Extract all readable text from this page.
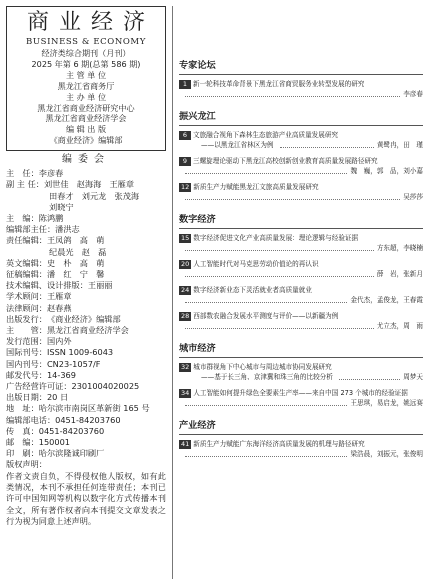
商业经济
BUSINESS & ECONOMY
经济类综合期刊（月刊）
2025 年第 6 期(总第 586 期)
主 管 单 位
黑龙江省商务厅
主 办 单 位
黑龙江省商业经济研究中心
黑龙江省商业经济学会
编 辑 出 版
《商业经济》编辑部
编委会
主　任： 李彦春
副 主 任： 刘世佳　赵海海　王雁章
田春才　刘元龙　张茂海
刘晓宁
主　编： 陈鸿鹏
编辑部主任： 潘洪志
责任编辑： 王凤鸽　高　萌
纪晨光　赵　磊
英文编辑： 史　朴　高　萌
征稿编辑： 潘　红　宁　馨
技术编辑、设计排版： 王丽丽
学术顾问： 王雁章
法律顾问： 赵春燕
出版发行： 《商业经济》编辑部
主　　管： 黑龙江省商业经济学会
发行范围： 国内外
国际刊号： ISSN 1009-6043
国内刊号： CN23-1057/F
邮发代号： 14-369
广告经营许可证： 2301004020025
出版日期： 20 日
地　址： 哈尔滨市南岗区革新街 165 号
编辑部电话： 0451-84203760
传　真： 0451-84203760
邮　编： 150001
印　刷： 哈尔滨隆诚印刷厂
版权声明：
作者文责自负，不得侵权他人版权，如有此类情况，本刊不承担任何连带责任；本刊已许可中国知网等机构以数字化方式传播本刊全文，所有著作权者向本刊提交文章发表之行为视为同意上述声明。
专家论坛
1 新一轮科技革命背景下黑龙江省商贸服务业转型发展的研究
李彦春
振兴龙江
6 文旅融合视角下森林生态旅游产业高质量发展研究
——以黑龙江省林区为例	黄鹭冉，田　瑾
9 三螺旋理论驱动下黑龙江高校创新创业教育高质量发展路径研究
魏　巍，郭　品，刘小嘉
12 新质生产力赋能黑龙江文旅高质量发展研究
吴莎莎
数字经济
15 数字经济促进文化产业高质量发展：理论逻辑与经验证据
方东超，李晓楠
20 人工智能时代对马克思劳动价值论的再认识
薛　岩，张新月
24 数字经济新业态下灵活就业者高质量就业
金代杰，孟俊龙，王春霞
28 西部数农融合发展水平测度与评价——以新疆为例
尤立杰，周　雨
城市经济
32 城市群视角下中心城市与周边城市协同发展研究
——基于长三角、京津冀和珠三角的比较分析	周梦天
34 人工智能如何提升绿色全要素生产率——来自中国 273 个城市的经验证据
王思琪，易启龙，姚远赛
产业经济
41 新质生产力赋能广东海洋经济高质量发展的机理与路径研究
梁浩晨，刘振元，张俊明
